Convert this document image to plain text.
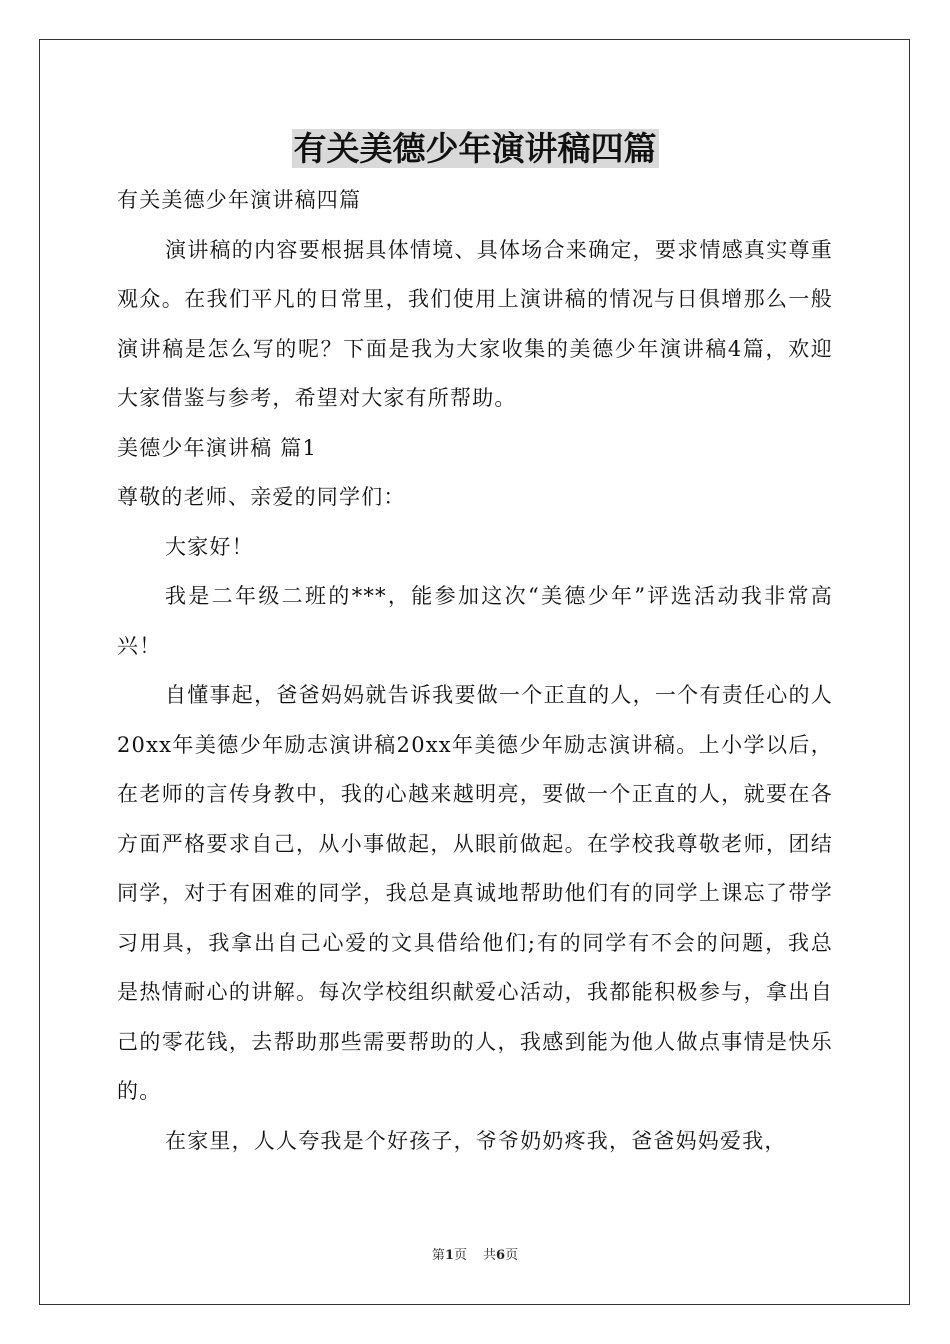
有关美德少年演讲稿四篇

有关美德少年演讲稿四篇

演讲稿的内容要根据具体情境、具体场合来确定，要求情感真实尊重观众。在我们平凡的日常里，我们使用上演讲稿的情况与日俱增那么一般演讲稿是怎么写的呢？下面是我为大家收集的美德少年演讲稿4篇，欢迎大家借鉴与参考，希望对大家有所帮助。

美德少年演讲稿 篇1

尊敬的老师、亲爱的同学们：

大家好！

我是二年级二班的***，能参加这次“美德少年”评选活动我非常高兴！

自懂事起，爸爸妈妈就告诉我要做一个正直的人，一个有责任心的人20xx年美德少年励志演讲稿20xx年美德少年励志演讲稿。上小学以后，在老师的言传身教中，我的心越来越明亮，要做一个正直的人，就要在各方面严格要求自己，从小事做起，从眼前做起。在学校我尊敬老师，团结同学，对于有困难的同学，我总是真诚地帮助他们有的同学上课忘了带学习用具，我拿出自己心爱的文具借给他们;有的同学有不会的问题，我总是热情耐心的讲解。每次学校组织献爱心活动，我都能积极参与，拿出自己的零花钱，去帮助那些需要帮助的人，我感到能为他人做点事情是快乐的。

在家里，人人夸我是个好孩子，爷爷奶奶疼我，爸爸妈妈爱我，

第1页 共6页
